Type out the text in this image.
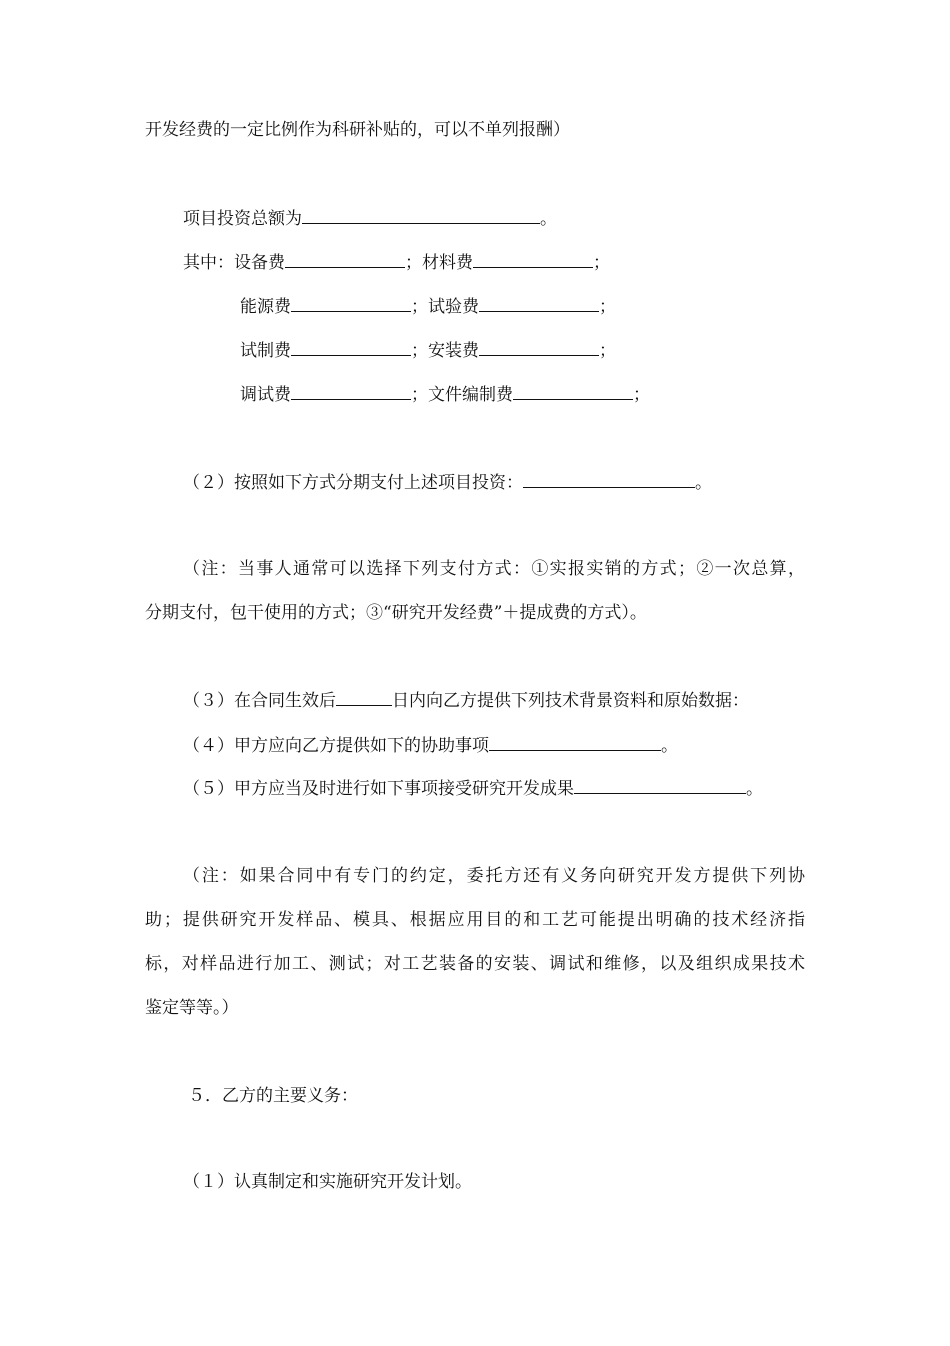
开发经费的一定比例作为科研补贴的，可以不单列报酬）
项目投资总额为	。
其中：设备费	；材料费	；
能源费	；试验费	；
试制费	；安装费	；
调试费	；文件编制费	；
（２）按照如下方式分期支付上述项目投资：	。
（注：当事人通常可以选择下列支付方式：①实报实销的方式；②一次总算，
分期支付，包干使用的方式；③“研究开发经费”＋提成费的方式）。
（３）在合同生效后	日内向乙方提供下列技术背景资料和原始数据：
（４）甲方应向乙方提供如下的协助事项	。
（５）甲方应当及时进行如下事项接受研究开发成果	。
（注：如果合同中有专门的约定，委托方还有义务向研究开发方提供下列协
助；提供研究开发样品、模具、根据应用目的和工艺可能提出明确的技术经济指
标，对样品进行加工、测试；对工艺装备的安装、调试和维修，以及组织成果技术
鉴定等等。）
５．乙方的主要义务：
（１）认真制定和实施研究开发计划。
